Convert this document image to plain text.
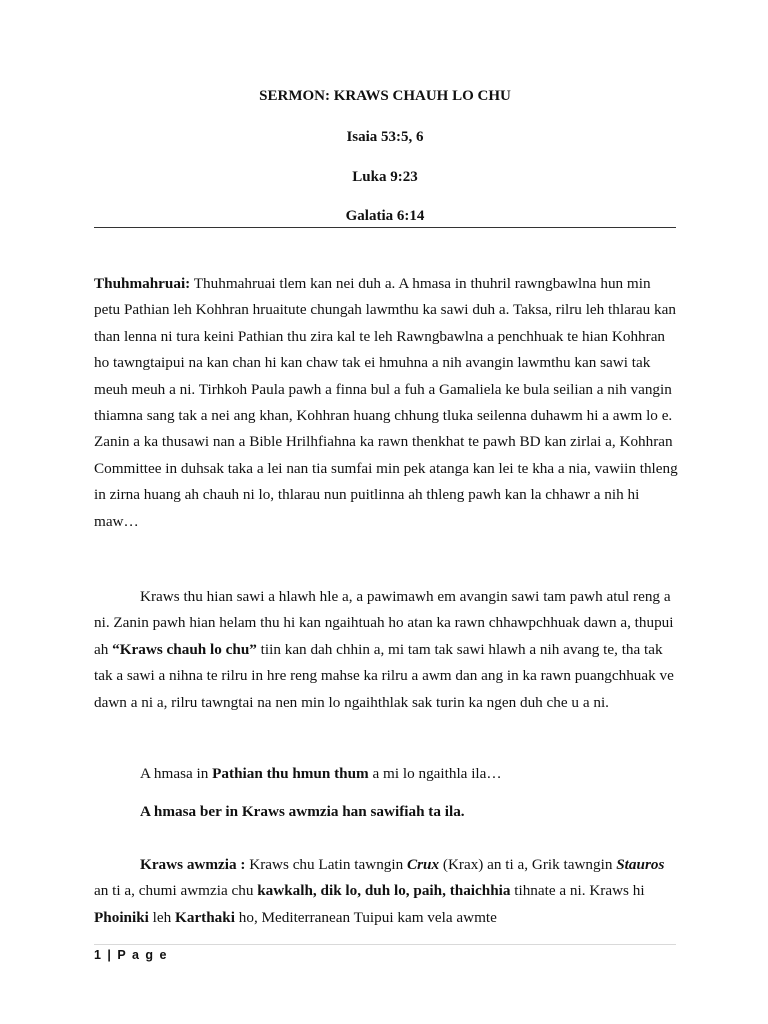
SERMON: KRAWS CHAUH LO CHU
Isaia 53:5, 6
Luka 9:23
Galatia 6:14

Thuhmahruai: Thuhmahruai tlem kan nei duh a. A hmasa in thuhril rawngbawlna hun min petu Pathian leh Kohhran hruaitute chungah lawmthu ka sawi duh a. Taksa, rilru leh thlarau kan than lenna ni tura keini Pathian thu zira kal te leh Rawngbawlna a penchhuak te hian Kohhran ho tawngtaipui na kan chan hi kan chaw tak ei hmuhna a nih avangin lawmthu kan sawi tak meuh meuh a ni. Tirhkoh Paula pawh a finna bul a fuh a Gamaliela ke bula seilian a nih vangin thiamna sang tak a nei ang khan, Kohhran huang chhung tluka seilenna duhawm hi a awm lo e. Zanin a ka thusawi nan a Bible Hrilhfiahna ka rawn thenkhat te pawh BD kan zirlai a, Kohhran Committee in duhsak taka a lei nan tia sumfai min pek atanga kan lei te kha a nia, vawiin thleng in zirna huang ah chauh ni lo, thlarau nun puitlinna ah thleng pawh kan la chhawr a nih hi maw…

Kraws thu hian sawi a hlawh hle a, a pawimawh em avangin sawi tam pawh atul reng a ni. Zanin pawh hian helam thu hi kan ngaihtuah ho atan ka rawn chhawpchhuak dawn a, thupui ah “Kraws chauh lo chu” tiin kan dah chhin a, mi tam tak sawi hlawh a nih avang te, tha tak tak a sawi a nihna te rilru in hre reng mahse ka rilru a awm dan ang in ka rawn puangchhuak ve dawn a ni a, rilru tawngtai na nen min lo ngaihthlak sak turin ka ngen duh che u a ni.

A hmasa in Pathian thu hmun thum a mi lo ngaithla ila…

A hmasa ber in Kraws awmzia han sawifiah ta ila.

Kraws awmzia : Kraws chu Latin tawngin Crux (Krax) an ti a, Grik tawngin Stauros an ti a, chumi awmzia chu kawkalh, dik lo, duh lo, paih, thaichhia tihnate a ni. Kraws hi Phoiniki leh Karthaki ho, Mediterranean Tuipui kam vela awmte

1 | P a g e
